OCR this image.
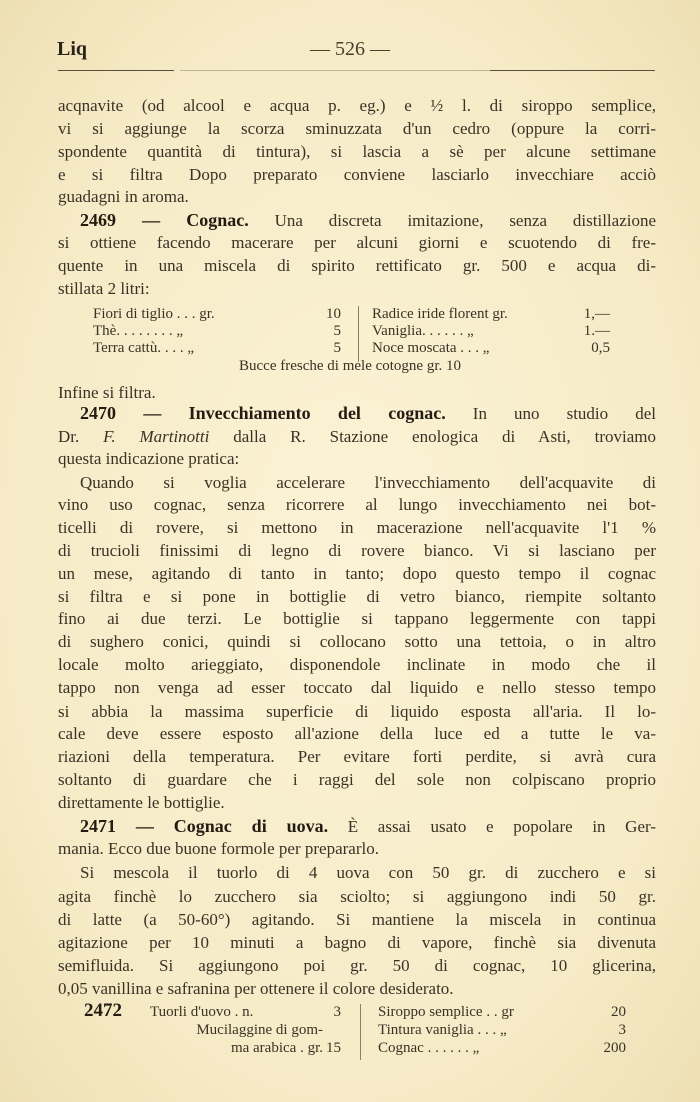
Liq	— 526 —
acqnavite (od alcool e acqua p. eg.) e ½ l. di siroppo semplice,
vi si aggiunge la scorza sminuzzata d'un cedro (oppure la corri-
spondente quantità di tintura), si lascia a sè per alcune settimane
e si filtra Dopo preparato conviene lasciarlo invecchiare acciò
guadagni in aroma.
2469 — Cognac. Una discreta imitazione, senza distillazione
si ottiene facendo macerare per alcuni giorni e scuotendo di fre-
quente in una miscela di spirito rettificato gr. 500 e acqua di-
stillata 2 litri:
Infine si filtra.
2470 — Invecchiamento del cognac. In uno studio del
Dr. F. Martinotti dalla R. Stazione enologica di Asti, troviamo
questa indicazione pratica:
Quando si voglia accelerare l'invecchiamento dell'acquavite di
vino uso cognac, senza ricorrere al lungo invecchiamento nei bot-
ticelli di rovere, si mettono in macerazione nell'acquavite l'1 %
di trucioli finissimi di legno di rovere bianco. Vi si lasciano per
un mese, agitando di tanto in tanto; dopo questo tempo il cognac
si filtra e si pone in bottiglie di vetro bianco, riempite soltanto
fino ai due terzi. Le bottiglie si tappano leggermente con tappi
di sughero conici, quindi si collocano sotto una tettoia, o in altro
locale molto arieggiato, disponendole inclinate in modo che il
tappo non venga ad esser toccato dal liquido e nello stesso tempo
si abbia la massima superficie di liquido esposta all'aria. Il lo-
cale deve essere esposto all'azione della luce ed a tutte le va-
riazioni della temperatura. Per evitare forti perdite, si avrà cura
soltanto di guardare che i raggi del sole non colpiscano proprio
direttamente le bottiglie.
2471 — Cognac di uova. È assai usato e popolare in Ger-
mania. Ecco due buone formole per prepararlo.
Si mescola il tuorlo di 4 uova con 50 gr. di zucchero e si
agita finchè lo zucchero sia sciolto; si aggiungono indi 50 gr.
di latte (a 50-60°) agitando. Si mantiene la miscela in continua
agitazione per 10 minuti a bagno di vapore, finchè sia divenuta
semifluida. Si aggiungono poi gr. 50 di cognac, 10 glicerina,
0,05 vanillina e safranina per ottenere il colore desiderato.
Fiori di tiglio . . . gr.	10
Thè. . . . . . . . „	5
Terra cattù. . . . „	5
Radice iride florent gr.	1,—
Vaniglia. . . . . . „	1.—
Noce moscata . . . „	0,5
Bucce fresche di mele cotogne gr. 10
2472 Tuorli d'uovo . n.	3
Mucilaggine di gom-
ma arabica . gr. 15
Siroppo semplice . . gr	20
Tintura vaniglia . . . „	3
Cognac . . . . . . „	200
